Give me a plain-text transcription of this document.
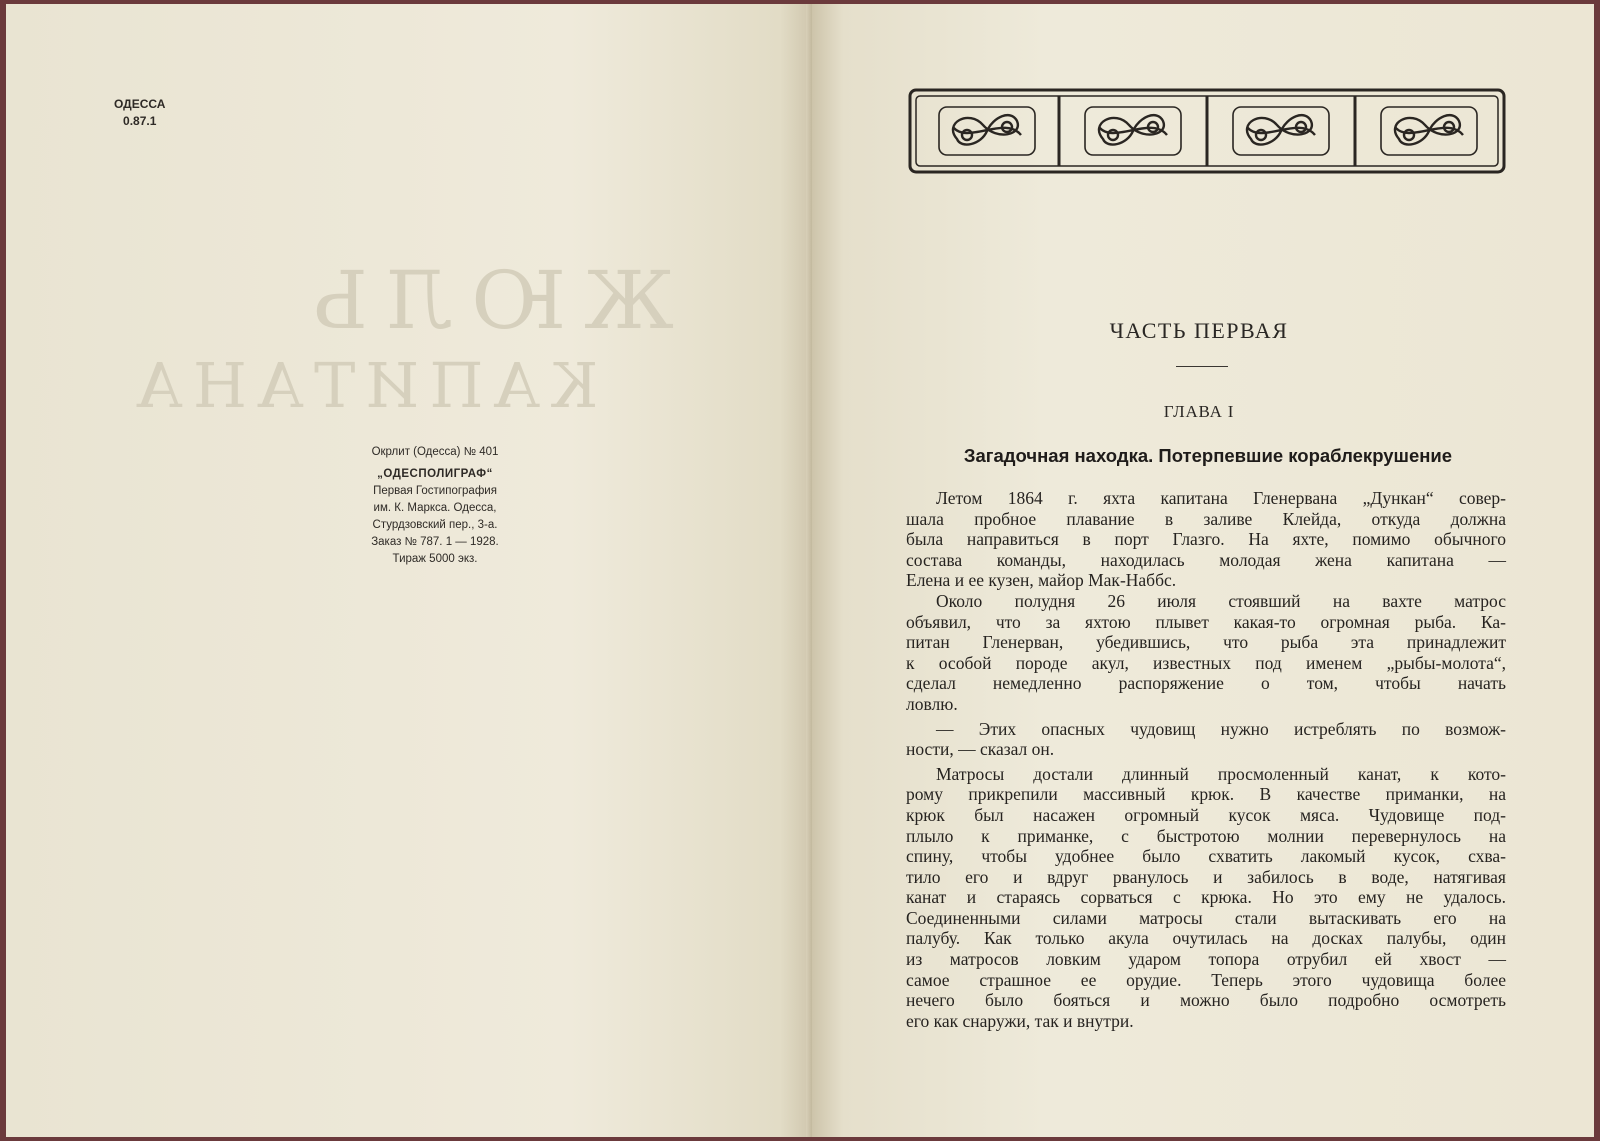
ЖЮЛЬ
КАПИТАНА
ОДЕССА
0.87.1
Окрлит (Одесса) № 401
„ОДЕСПОЛИГРАФ“
Первая Гостипография
им. К. Маркса. Одесса,
Стурдзовский пер., 3-а.
Заказ № 787. 1 — 1928.
Тираж 5000 экз.
ЧАСТЬ ПЕРВАЯ
ГЛАВА I
Загадочная находка. Потерпевшие кораблекрушение

Летом 1864 г. яхта капитана Гленервана „Дункан“ совер-
шала пробное плавание в заливе Клейда, откуда должна
была направиться в порт Глазго. На яхте, помимо обычного
состава команды, находилась молодая жена капитана —
Елена и ее кузен, майор Мак-Наббс.

Около полудня 26 июля стоявший на вахте матрос
объявил, что за яхтою плывет какая-то огромная рыба. Ка-
питан Гленерван, убедившись, что рыба эта принадлежит
к особой породе акул, известных под именем „рыбы-молота“,
сделал немедленно распоряжение о том, чтобы начать
ловлю.

— Этих опасных чудовищ нужно истреблять по возмож-
ности, — сказал он.

Матросы достали длинный просмоленный канат, к кото-
рому прикрепили массивный крюк. В качестве приманки, на
крюк был насажен огромный кусок мяса. Чудовище под-
плыло к приманке, с быстротою молнии перевернулось на
спину, чтобы удобнее было схватить лакомый кусок, схва-
тило его и вдруг рванулось и забилось в воде, натягивая
канат и стараясь сорваться с крюка. Но это ему не удалось.
Соединенными силами матросы стали вытаскивать его на
палубу. Как только акула очутилась на досках палубы, один
из матросов ловким ударом топора отрубил ей хвост —
самое страшное ее орудие. Теперь этого чудовища более
нечего было бояться и можно было подробно осмотреть
его как снаружи, так и внутри.
